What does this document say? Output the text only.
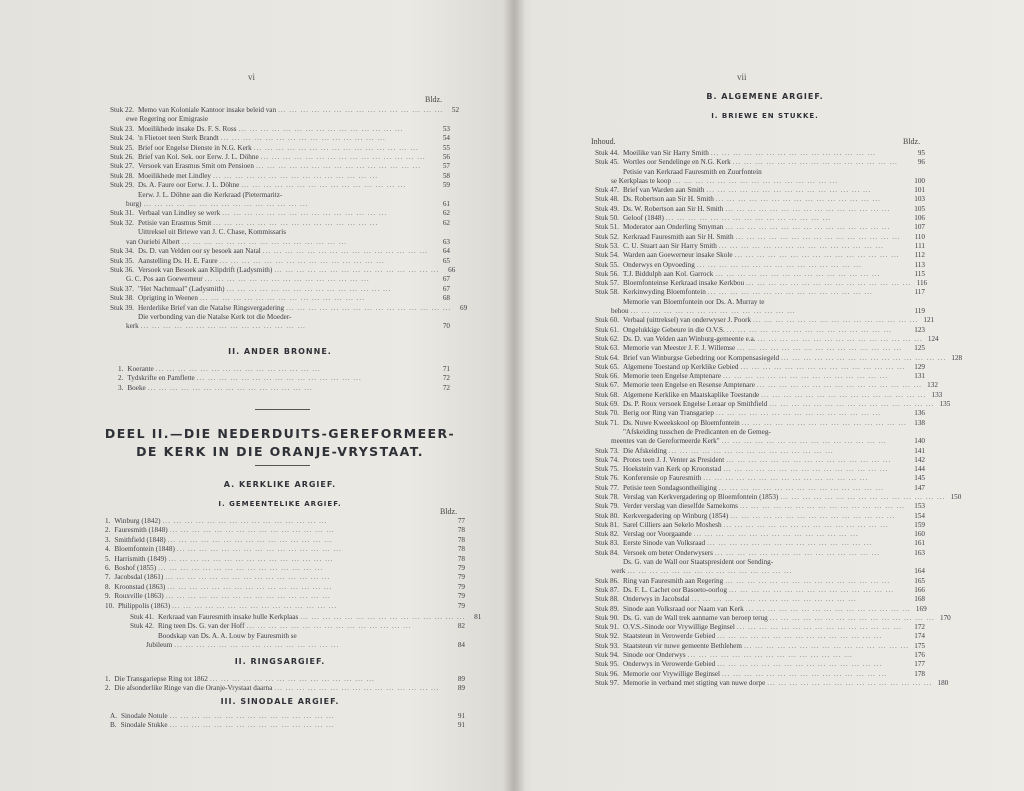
vi
Bldz.
Stuk 22. Memo van Koloniale Kantoor insake beleid van ... .	52
ewe Regering oor Emigrasie
Stuk 23. Moeilikhede insake Ds. F. S. Ross ... .	53
Stuk 24. 'n Flietoet teen Sterk Brandt ... .	54
Stuk 25. Brief oor Engelse Dienste in N.G. Kerk ... .	55
Stuk 26. Brief van Kol. Sek. oor Eerw. J. L. Döhne ... .	56
Stuk 27. Versoek van Erasmus Smit om Pensioen ... .	57
Stuk 28. Moeilikhede met Lindley ... .	58
Stuk 29. Ds. A. Faure oor Eerw. J. L. Döhne ... .	59
Eerw. J. L. Döhne aan die Kerkraad (Pietermaritz-
burg) ... .	61
Stuk 31. Verbaal van Lindley se werk ... .	62
Stuk 32. Petisie van Erasmus Smit ... .	62
Uittreksel uit Briewe van J. C. Chase, Kommissaris
van Ouriebi Albert ... .	63
Stuk 34. Ds. D. van Velden oor sy besoek aan Natal ... .	64
Stuk 35. Aanstelling Ds. H. E. Faure ... .	65
Stuk 36. Versoek van Besoek aan Klipdrift (Ladysmith) ... .	66
G. C. Pos aan Goewerneur ... .	67
Stuk 37. "Het Nachtmaal" (Ladysmith) ... .	67
Stuk 38. Oprigting in Weenen ... .	68
Stuk 39. Herderlike Brief van die Natalse Ringsvergadering ... .	69
Die verbonding van die Natalse Kerk tot die Moeder-
kerk ... .	70
II. ANDER BRONNE.
1. Koerante ... .	71
2. Tydskrifte en Pamflette ... .	72
3. Boeke ... .	72
DEEL II.—DIE NEDERDUITS-GEREFORMEER-
DE KERK IN DIE ORANJE-VRYSTAAT.
A. KERKLIKE ARGIEF.
I. GEMEENTELIKE ARGIEF.
Bldz.
1. Winburg (1842) ... .	77
2. Fauresmith (1848) ... .	78
3. Smithfield (1848) ... .	78
4. Bloemfontein (1848) ... .	78
5. Harrismith (1849) ... .	78
6. Boshof (1855) ... .	79
7. Jacobsdal (1861) ... .	79
8. Kroonstad (1863) ... .	79
9. Rouxville (1863) ... .	79
10. Philippolis (1863) ... .	79
Stuk 41. Kerkraad van Fauresmith insake hulle Kerkplaas ... .	81
Stuk 42. Ring teen Ds. G. van der Hoff ... .	82
Boodskap van Ds. A. A. Louw by Fauresmith se
Jubileum ... .	84
II. RINGSARGIEF.
1. Die Transgariepse Ring tot 1862 ... .	89
2. Die afsonderlike Ringe van die Oranje-Vrystaat daarna ... .	89
III. SINODALE ARGIEF.
A. Sinodale Notule ... .	91
B. Sinodale Stukke ... .	91
vii
B. ALGEMENE ARGIEF.
I. BRIEWE EN STUKKE.
Inhoud.	Bldz.
Stuk 44. Moeilike van Sir Harry Smith ... .	95
Stuk 45. Wortles oor Sendelinge en N.G. Kerk ... .	96
Petisie van Kerkraad Fauresmith en Zuurfontein
se Kerkplaas te koop ... .	100
Stuk 47. Brief van Warden aan Smith ... .	101
Stuk 48. Ds. Robertson aan Sir H. Smith ... .	103
Stuk 49. Ds. W. Robertson aan Sir H. Smith ... .	105
Stuk 50. Geloof (1848) ... .	106
Stuk 51. Moderator aan Onderling Smyman ... .	107
Stuk 52. Kerkraad Fauresmith aan Sir H. Smith ... .	110
Stuk 53. C. U. Stuart aan Sir Harry Smith ... .	111
Stuk 54. Warden aan Goewerneur insake Skole ... .	112
Stuk 55. Onderwys en Opvoeding ... .	113
Stuk 56. T.J. Biddulph aan Kol. Garrock ... .	115
Stuk 57. Bloemfonteinse Kerkraad insake Kerkbou ... .	116
Stuk 58. Kerkinwyding Bloemfontein ... .	117
Memorie van Bloemfontein oor Ds. A. Murray te
behou ... .	119
Stuk 60. Verbaal (uittreksel) van onderwyser J. Poork ... .	121
Stuk 61. Ongelukkige Gebeure in die O.V.S. ... .	123
Stuk 62. Ds. D. van Velden aan Winburg-gemeente e.a. ... .	124
Stuk 63. Memorie van Meester J. F. J. Willemse ... .	125
Stuk 64. Brief van Winburgse Gebedring oor Kompensasiegeld ... .	128
Stuk 65. Algemene Toestand op Kerklike Gebied ... .	129
Stuk 66. Memorie teen Engelse Amptenare ... .	131
Stuk 67. Memorie teen Engelse en Resense Amptenare ... .	132
Stuk 68. Algemene Kerklike en Maatskaplike Toestande ... .	133
Stuk 69. Ds. P. Roux versoek Engelse Leraar op Smithfield ... .	135
Stuk 70. Berig oor Ring van Transgariep ... .	136
Stuk 71. Ds. Nuwe Kweekskool op Bloemfontein ... .	138
"Afskeiding tusschen de Predicanten en de Gemeg-
meentes van de Gereformeerde Kerk" ... .	140
Stuk 73. Die Afskeiding ... .	141
Stuk 74. Protes teen J. J. Venter as President ... .	142
Stuk 75. Hoekstein van Kerk op Kroonstad ... .	144
Stuk 76. Konferensie op Fauresmith ... .	145
Stuk 77. Petisie teen Sondagsontheiliging ... .	147
Stuk 78. Verslag van Kerkvergadering op Bloemfontein (1853) ... .	150
Stuk 79. Verder verslag van dieselfde Samekoms ... .	153
Stuk 80. Kerkvergadering op Winburg (1854) ... .	154
Stuk 81. Sarel Cilliers aan Sekelo Moshesh ... .	159
Stuk 82. Verslag oor Voorgaande ... .	160
Stuk 83. Eerste Sinode van Volksraad ... .	161
Stuk 84. Versoek om beter Onderwysers ... .	163
Ds. G. van de Wall oor Staatspresident oor Sending-
werk ... .	164
Stuk 86. Ring van Fauresmith aan Regering ... .	165
Stuk 87. Ds. F. L. Cachet oor Basoeto-oorlog ... .	166
Stuk 88. Onderwys in Jacobsdal ... .	168
Stuk 89. Sinode aan Volksraad oor Naam van Kerk ... .	169
Stuk 90. Ds. G. van de Wall trek aanname van beroep terug ... .	170
Stuk 91. O.V.S.-Sinode oor Vrywillige Beginsel ... .	172
Stuk 92. Staatsteun in Verowerde Gebied ... .	174
Stuk 93. Staatsteun vir nuwe gemeente Bethlehem ... .	175
Stuk 94. Sinode oor Onderwys ... .	176
Stuk 95. Onderwys in Verowerde Gebied ... .	177
Stuk 96. Memorie oor Vrywillige Beginsel ... .	178
Stuk 97. Memorie in verband met stigting van nuwe dorpe ... .	180
